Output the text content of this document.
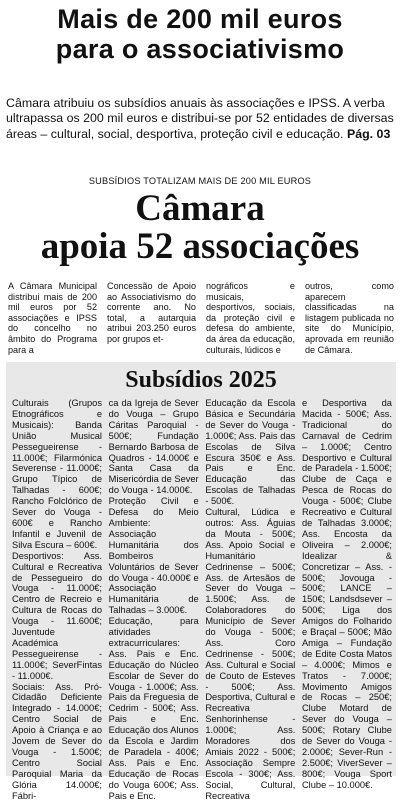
Mais de 200 mil euros
para o associativismo
Câmara atribuiu os subsídios anuais às associações e IPSS. A verba ultrapassa os 200 mil euros e distribui-se por 52 entidades de diversas áreas – cultural, social, desportiva, proteção civil e educação. Pág. 03
SUBSÍDIOS TOTALIZAM MAIS DE 200 MIL EUROS
Câmara
apoia 52 associações

A Câmara Municipal distribui mais de 200 mil euros por 52 associações e IPSS do concelho no âmbito do Programa para a

Concessão de Apoio ao Associativismo do corrente ano. No total, a autarquia atribui 203.250 euros por grupos et-

nográficos e musicais, desportivos, sociais, da proteção civil e defesa do ambiente, da área da educação, culturais, lúdicos e

outros, como aparecem classificadas na listagem publicada no site do Município, aprovada em reunião de Câmara.

Subsídios 2025

Culturais (Grupos Etnográficos e Musicais): Banda União Musical Pessegueirense - 11.000€; Filarmónica Severense - 11.000€; Grupo Típico de Talhadas - 600€; Rancho Folclórico de Sever do Vouga - 600€ e Rancho Infantil e Juvenil de Silva Escura – 600€.

Desportivos: Ass. Cultural e Recreativa de Pessegueiro do Vouga - 11.000€; Centro de Recreio e Cultura de Rocas do Vouga - 11.600€; Juventude Académica Pessegueirense - 11.000€; SeverFintas - 11.000€.

Sociais: Ass. Pró-Cidadão Deficiente Integrado - 14.000€; Centro Social de Apoio à Criança e ao Jovem de Sever do Vouga - 1.500€; Centro Social Paroquial Maria da Glória 14.000€; Fábri-

ca da Igreja de Sever do Vouga – Grupo Cáritas Paroquial - 500€; Fundação Bernardo Barbosa de Quadros - 14.000€ e Santa Casa da Misericórdia de Sever do Vouga - 14.000€.

Proteção Civil e Defesa do Meio Ambiente: Associação Humanitária dos Bombeiros Voluntários de Sever do Vouga - 40.000€ e Associação Humanitária de Talhadas – 3.000€.

Educação, para atividades extracurriculares: Ass. Pais e Enc. Educação do Núcleo Escolar de Sever do Vouga - 1.000€; Ass. Pais da Freguesia de Cedrim - 500€; Ass. Pais e Enc. Educação dos Alunos da Escola e Jardim de Paradela - 400€; Ass. Pais e Enc. Educação de Rocas do Vouga 600€; Ass. Pais e Enc.

Educação da Escola Básica e Secundária de Sever do Vouga - 1.000€; Ass. Pais das Escolas de Silva Escura 350€ e Ass. Pais e Enc. Educação das Escolas de Talhadas - 500€.

Cultural, Lúdica e outros: Ass. Águias da Mouta - 500€; Ass. Apoio Social e Humanitário Cedrinense – 500€; Ass. de Artesãos de Sever do Vouga – 1.500€; Ass. de Colaboradores do Município de Sever do Vouga - 500€; Ass. Coro Cedrinense - 500€; Ass. Cultural e Social de Couto de Esteves - 500€; Ass. Desportiva, Cultural e Recreativa Senhorinhense - 1.000€; Ass. Moradores dos Amiais 2022 - 500€; Associação Sempre Escola - 300€; Ass. Social, Cultural, Recreativa

e Desportiva da Macida - 500€; Ass. Tradicional do Carnaval de Cedrim – 1.000€; Centro Desportivo e Cultural de Paradela - 1.500€; Clube de Caça e Pesca de Rocas do Vouga - 500€; Clube Recreativo e Cultural de Talhadas 3.000€; Ass. Encosta da Oliveira – 2.000€; Idealizar & Concretizar – Ass. - 500€; Jovouga - 500€; LANCE – 150€; Landsdsever – 500€; Liga dos Amigos do Folharido e Braçal – 500€; Mão Amiga – Fundação de Edite Costa Matos – 4.000€; Mimos e Tratos - 7.000€; Movimento Amigos de Rocas – 250€; Clube Motard de Sever do Vouga – 500€; Rotary Clube de Sever do Vouga - 2.000€; Sever-Run - 2.500€; ViverSever – 800€; Vouga Sport Clube – 10.000€.
